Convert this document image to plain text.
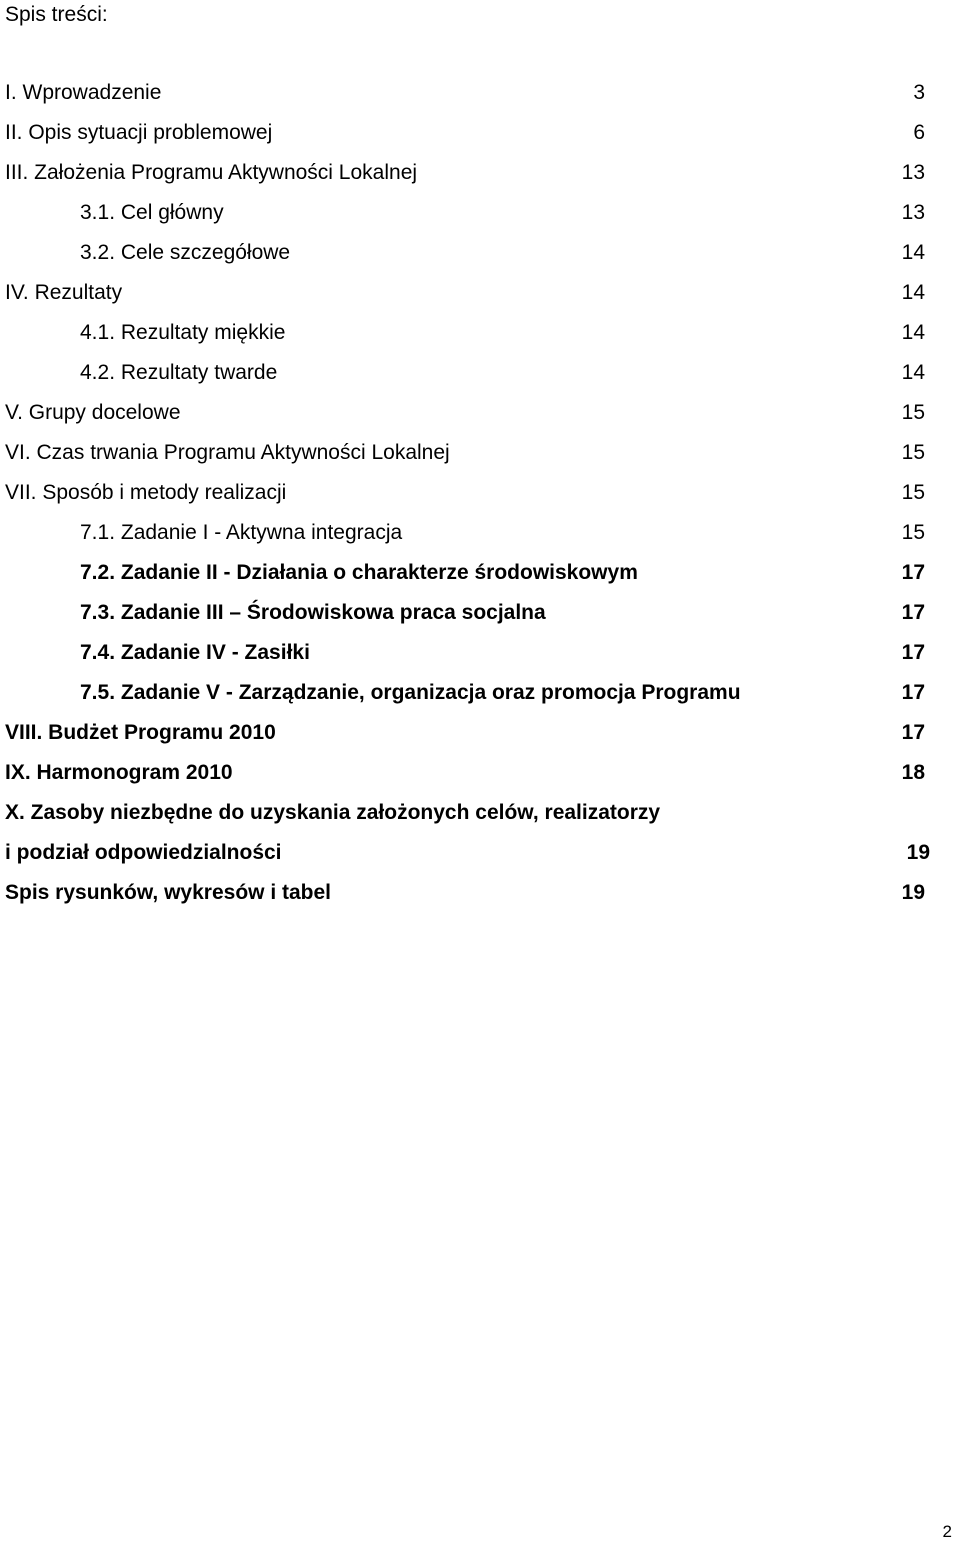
Spis treści:
I. Wprowadzenie	3
II. Opis sytuacji problemowej	6
III. Założenia Programu Aktywności Lokalnej	13
3.1. Cel główny	13
3.2. Cele szczegółowe	14
IV. Rezultaty	14
4.1. Rezultaty miękkie	14
4.2. Rezultaty twarde	14
V. Grupy docelowe	15
VI. Czas trwania Programu Aktywności Lokalnej	15
VII. Sposób i metody realizacji	15
7.1. Zadanie I - Aktywna integracja	15
7.2. Zadanie II - Działania o charakterze środowiskowym	17
7.3. Zadanie III – Środowiskowa praca socjalna	17
7.4. Zadanie IV - Zasiłki	17
7.5. Zadanie V - Zarządzanie, organizacja oraz promocja Programu	17
VIII. Budżet Programu 2010	17
IX. Harmonogram 2010	18
X. Zasoby niezbędne do uzyskania założonych celów, realizatorzy
i podział odpowiedzialności	19
Spis rysunków, wykresów i tabel	19
2
